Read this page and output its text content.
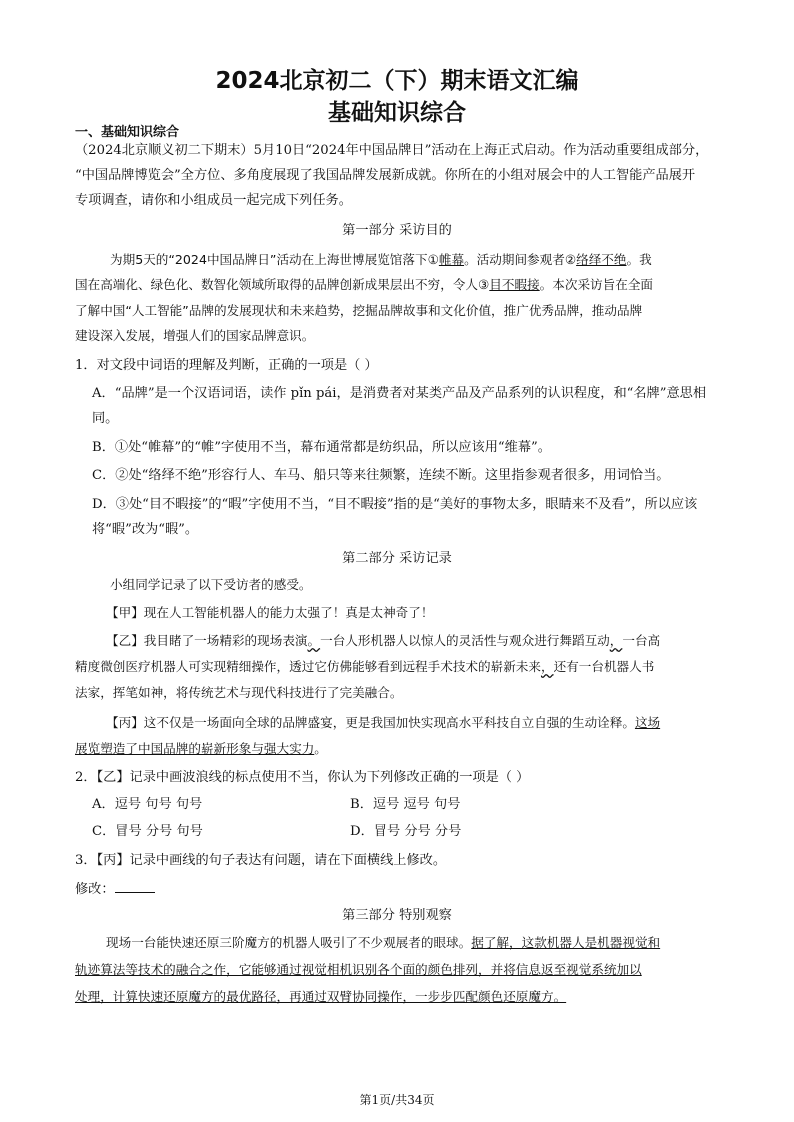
2024北京初二（下）期末语文汇编
基础知识综合
一、基础知识综合
（2024北京顺义初二下期末）5月10日“2024年中国品牌日”活动在上海正式启动。作为活动重要组成部分，
“中国品牌博览会”全方位、多角度展现了我国品牌发展新成就。你所在的小组对展会中的人工智能产品展开
专项调查，请你和小组成员一起完成下列任务。
第一部分 采访目的
为期5天的“2024中国品牌日”活动在上海世博展览馆落下①帷幕。活动期间参观者②络绎不绝。我
国在高端化、绿色化、数智化领域所取得的品牌创新成果层出不穷，令人③目不暇接。本次采访旨在全面
了解中国“人工智能”品牌的发展现状和未来趋势，挖掘品牌故事和文化价值，推广优秀品牌，推动品牌
建设深入发展，增强人们的国家品牌意识。
1．对文段中词语的理解及判断，正确的一项是（ ）
A．“品牌”是一个汉语词语，读作 pǐn pái，是消费者对某类产品及产品系列的认识程度，和“名牌”意思相
同。
B．①处“帷幕”的“帷”字使用不当，幕布通常都是纺织品，所以应该用“维幕”。
C．②处“络绎不绝”形容行人、车马、船只等来往频繁，连续不断。这里指参观者很多，用词恰当。
D．③处“目不暇接”的“暇”字使用不当，“目不暇接”指的是“美好的事物太多，眼睛来不及看”，所以应该
将“暇”改为“暇”。
第二部分 采访记录
小组同学记录了以下受访者的感受。
【甲】现在人工智能机器人的能力太强了！真是太神奇了！
【乙】我目睹了一场精彩的现场表演。一台人形机器人以惊人的灵活性与观众进行舞蹈互动，一台高
精度微创医疗机器人可实现精细操作，透过它仿佛能够看到远程手术技术的崭新未来，还有一台机器人书
法家，挥笔如神，将传统艺术与现代科技进行了完美融合。
【丙】这不仅是一场面向全球的品牌盛宴，更是我国加快实现高水平科技自立自强的生动诠释。这场
展览塑造了中国品牌的崭新形象与强大实力。
2．【乙】记录中画波浪线的标点使用不当，你认为下列修改正确的一项是（ ）
A．逗号 句号 句号	B．逗号 逗号 句号
C．冒号 分号 句号	D．冒号 分号 分号
3．【丙】记录中画线的句子表达有问题，请在下面横线上修改。
修改：
第三部分 特别观察
现场一台能快速还原三阶魔方的机器人吸引了不少观展者的眼球。据了解，这款机器人是机器视觉和
轨迹算法等技术的融合之作，它能够通过视觉相机识别各个面的颜色排列，并将信息返至视觉系统加以
处理，计算快速还原魔方的最优路径，再通过双臂协同操作，一步步匹配颜色还原魔方。
第1页/共34页
